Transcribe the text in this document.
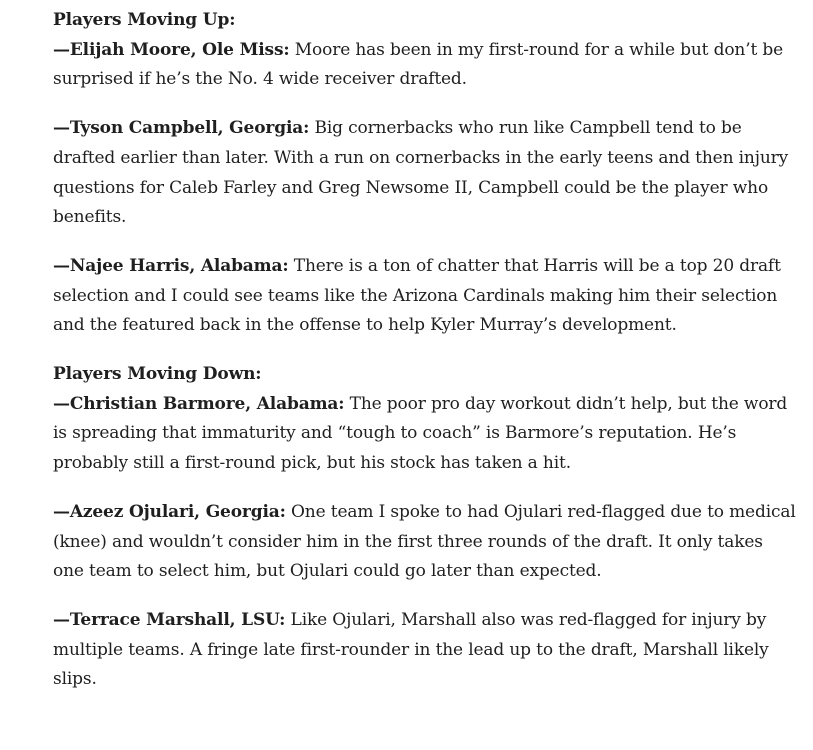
Players Moving Up:

—Elijah Moore, Ole Miss: Moore has been in my first-round for a while but don’t be surprised if he’s the No. 4 wide receiver drafted.

—Tyson Campbell, Georgia: Big cornerbacks who run like Campbell tend to be drafted earlier than later. With a run on cornerbacks in the early teens and then injury questions for Caleb Farley and Greg Newsome II, Campbell could be the player who benefits.

—Najee Harris, Alabama: There is a ton of chatter that Harris will be a top 20 draft selection and I could see teams like the Arizona Cardinals making him their selection and the featured back in the offense to help Kyler Murray’s development.

Players Moving Down:

—Christian Barmore, Alabama: The poor pro day workout didn’t help, but the word is spreading that immaturity and “tough to coach” is Barmore’s reputation. He’s probably still a first-round pick, but his stock has taken a hit.

—Azeez Ojulari, Georgia: One team I spoke to had Ojulari red-flagged due to medical (knee) and wouldn’t consider him in the first three rounds of the draft. It only takes one team to select him, but Ojulari could go later than expected.

—Terrace Marshall, LSU: Like Ojulari, Marshall also was red-flagged for injury by multiple teams. A fringe late first-rounder in the lead up to the draft, Marshall likely slips.
